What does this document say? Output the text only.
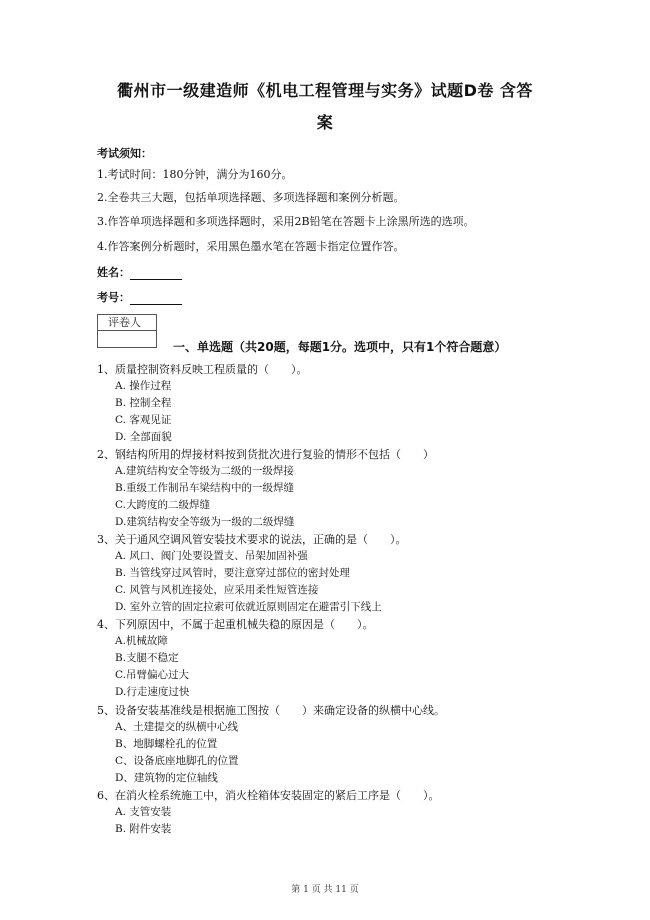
衢州市一级建造师《机电工程管理与实务》试题D卷 含答
案
考试须知：
1.考试时间：180分钟，满分为160分。
2.全卷共三大题，包括单项选择题、多项选择题和案例分析题。
3.作答单项选择题和多项选择题时，采用2B铅笔在答题卡上涂黑所选的选项。
4.作答案例分析题时，采用黑色墨水笔在答题卡指定位置作答。
姓名：
考号：
评卷人
一、单选题（共20题，每题1分。选项中，只有1个符合题意）
1、质量控制资料反映工程质量的（　　）。
A. 操作过程
B. 控制全程
C. 客观见证
D. 全部面貌
2、钢结构所用的焊接材料按到货批次进行复验的情形不包括（　　）
A.建筑结构安全等级为二级的一级焊接
B.重级工作制吊车梁结构中的一级焊缝
C.大跨度的二级焊缝
D.建筑结构安全等级为一级的二级焊缝
3、关于通风空调风管安装技术要求的说法，正确的是（　　）。
A. 风口、阀门处要设置支、吊架加固补强
B. 当管线穿过风管时，要注意穿过部位的密封处理
C. 风管与风机连接处，应采用柔性短管连接
D. 室外立管的固定拉索可依就近原则固定在避雷引下线上
4、下列原因中，不属于起重机械失稳的原因是（　　）。
A.机械故障
B.支腿不稳定
C.吊臂偏心过大
D.行走速度过快
5、设备安装基准线是根据施工图按（　　）来确定设备的纵横中心线。
A、土建提交的纵横中心线
B、地脚螺栓孔的位置
C、设备底座地脚孔的位置
D、建筑物的定位轴线
6、在消火栓系统施工中，消火栓箱体安装固定的紧后工序是（　　）。
A. 支管安装
B. 附件安装
第 1 页 共 11 页
